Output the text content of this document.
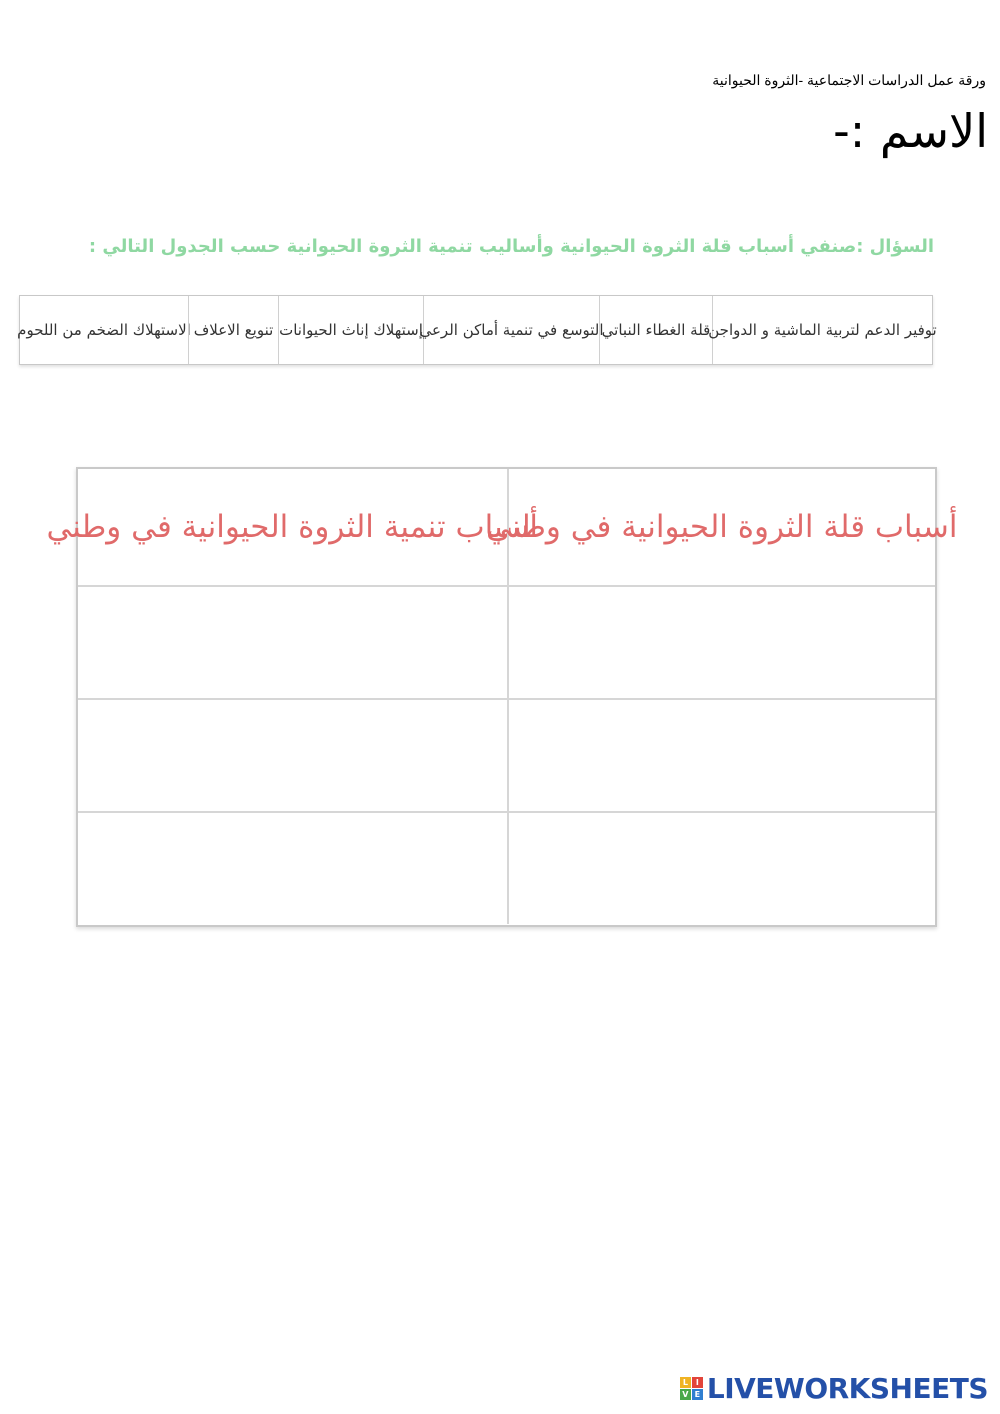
ورقة عمل الدراسات الاجتماعية -الثروة الحيوانية
الاسم :-
السؤال :صنفي أسباب قلة الثروة الحيوانية وأساليب تنمية الثروة الحيوانية حسب الجدول التالي :
توفير الدعم لتربية الماشية و الدواجن
قلة الغطاء النباتي
التوسع في تنمية أماكن الرعي
إستهلاك إناث الحيوانات
تنويع الاعلاف
الاستهلاك الضخم من اللحوم
أسباب قلة الثروة الحيوانية في وطني
أسباب تنمية الثروة الحيوانية في وطني
L I
V E LIVEWORKSHEETS
